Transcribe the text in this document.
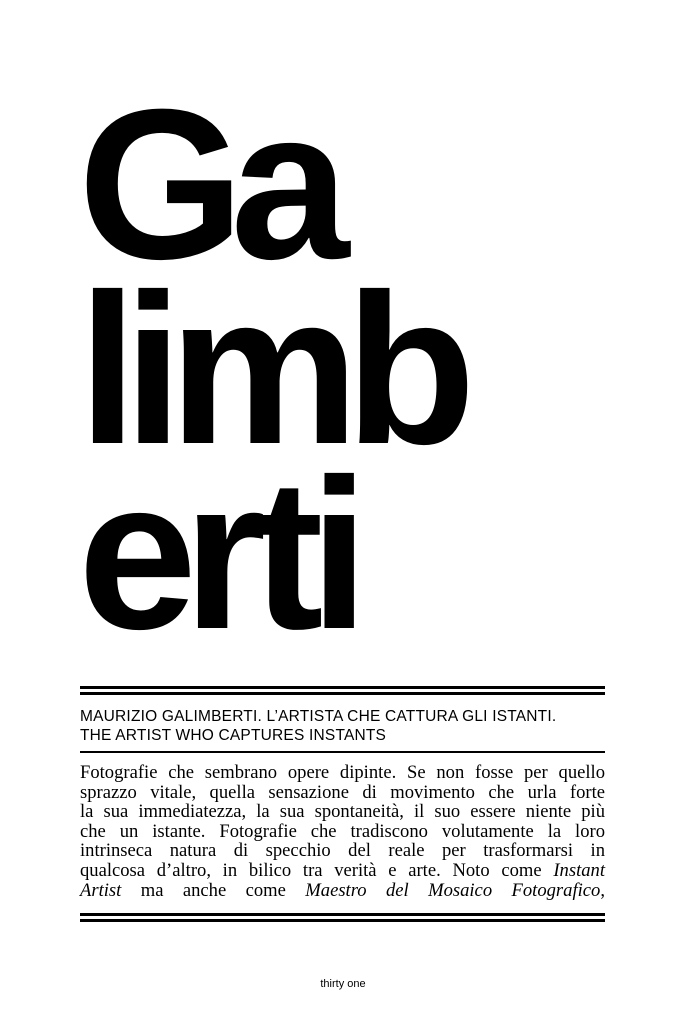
Ga
limb
erti
MAURIZIO GALIMBERTI. L’ARTISTA CHE CATTURA GLI ISTANTI.
THE ARTIST WHO CAPTURES INSTANTS
Fotografie che sembrano opere dipinte. Se non fosse per quello
sprazzo vitale, quella sensazione di movimento che urla forte
la sua immediatezza, la sua spontaneità, il suo essere niente più
che un istante. Fotografie che tradiscono volutamente la loro
intrinseca natura di specchio del reale per trasformarsi in
qualcosa d’altro, in bilico tra verità e arte. Noto come Instant
Artist ma anche come Maestro del Mosaico Fotografico,
thirty one
